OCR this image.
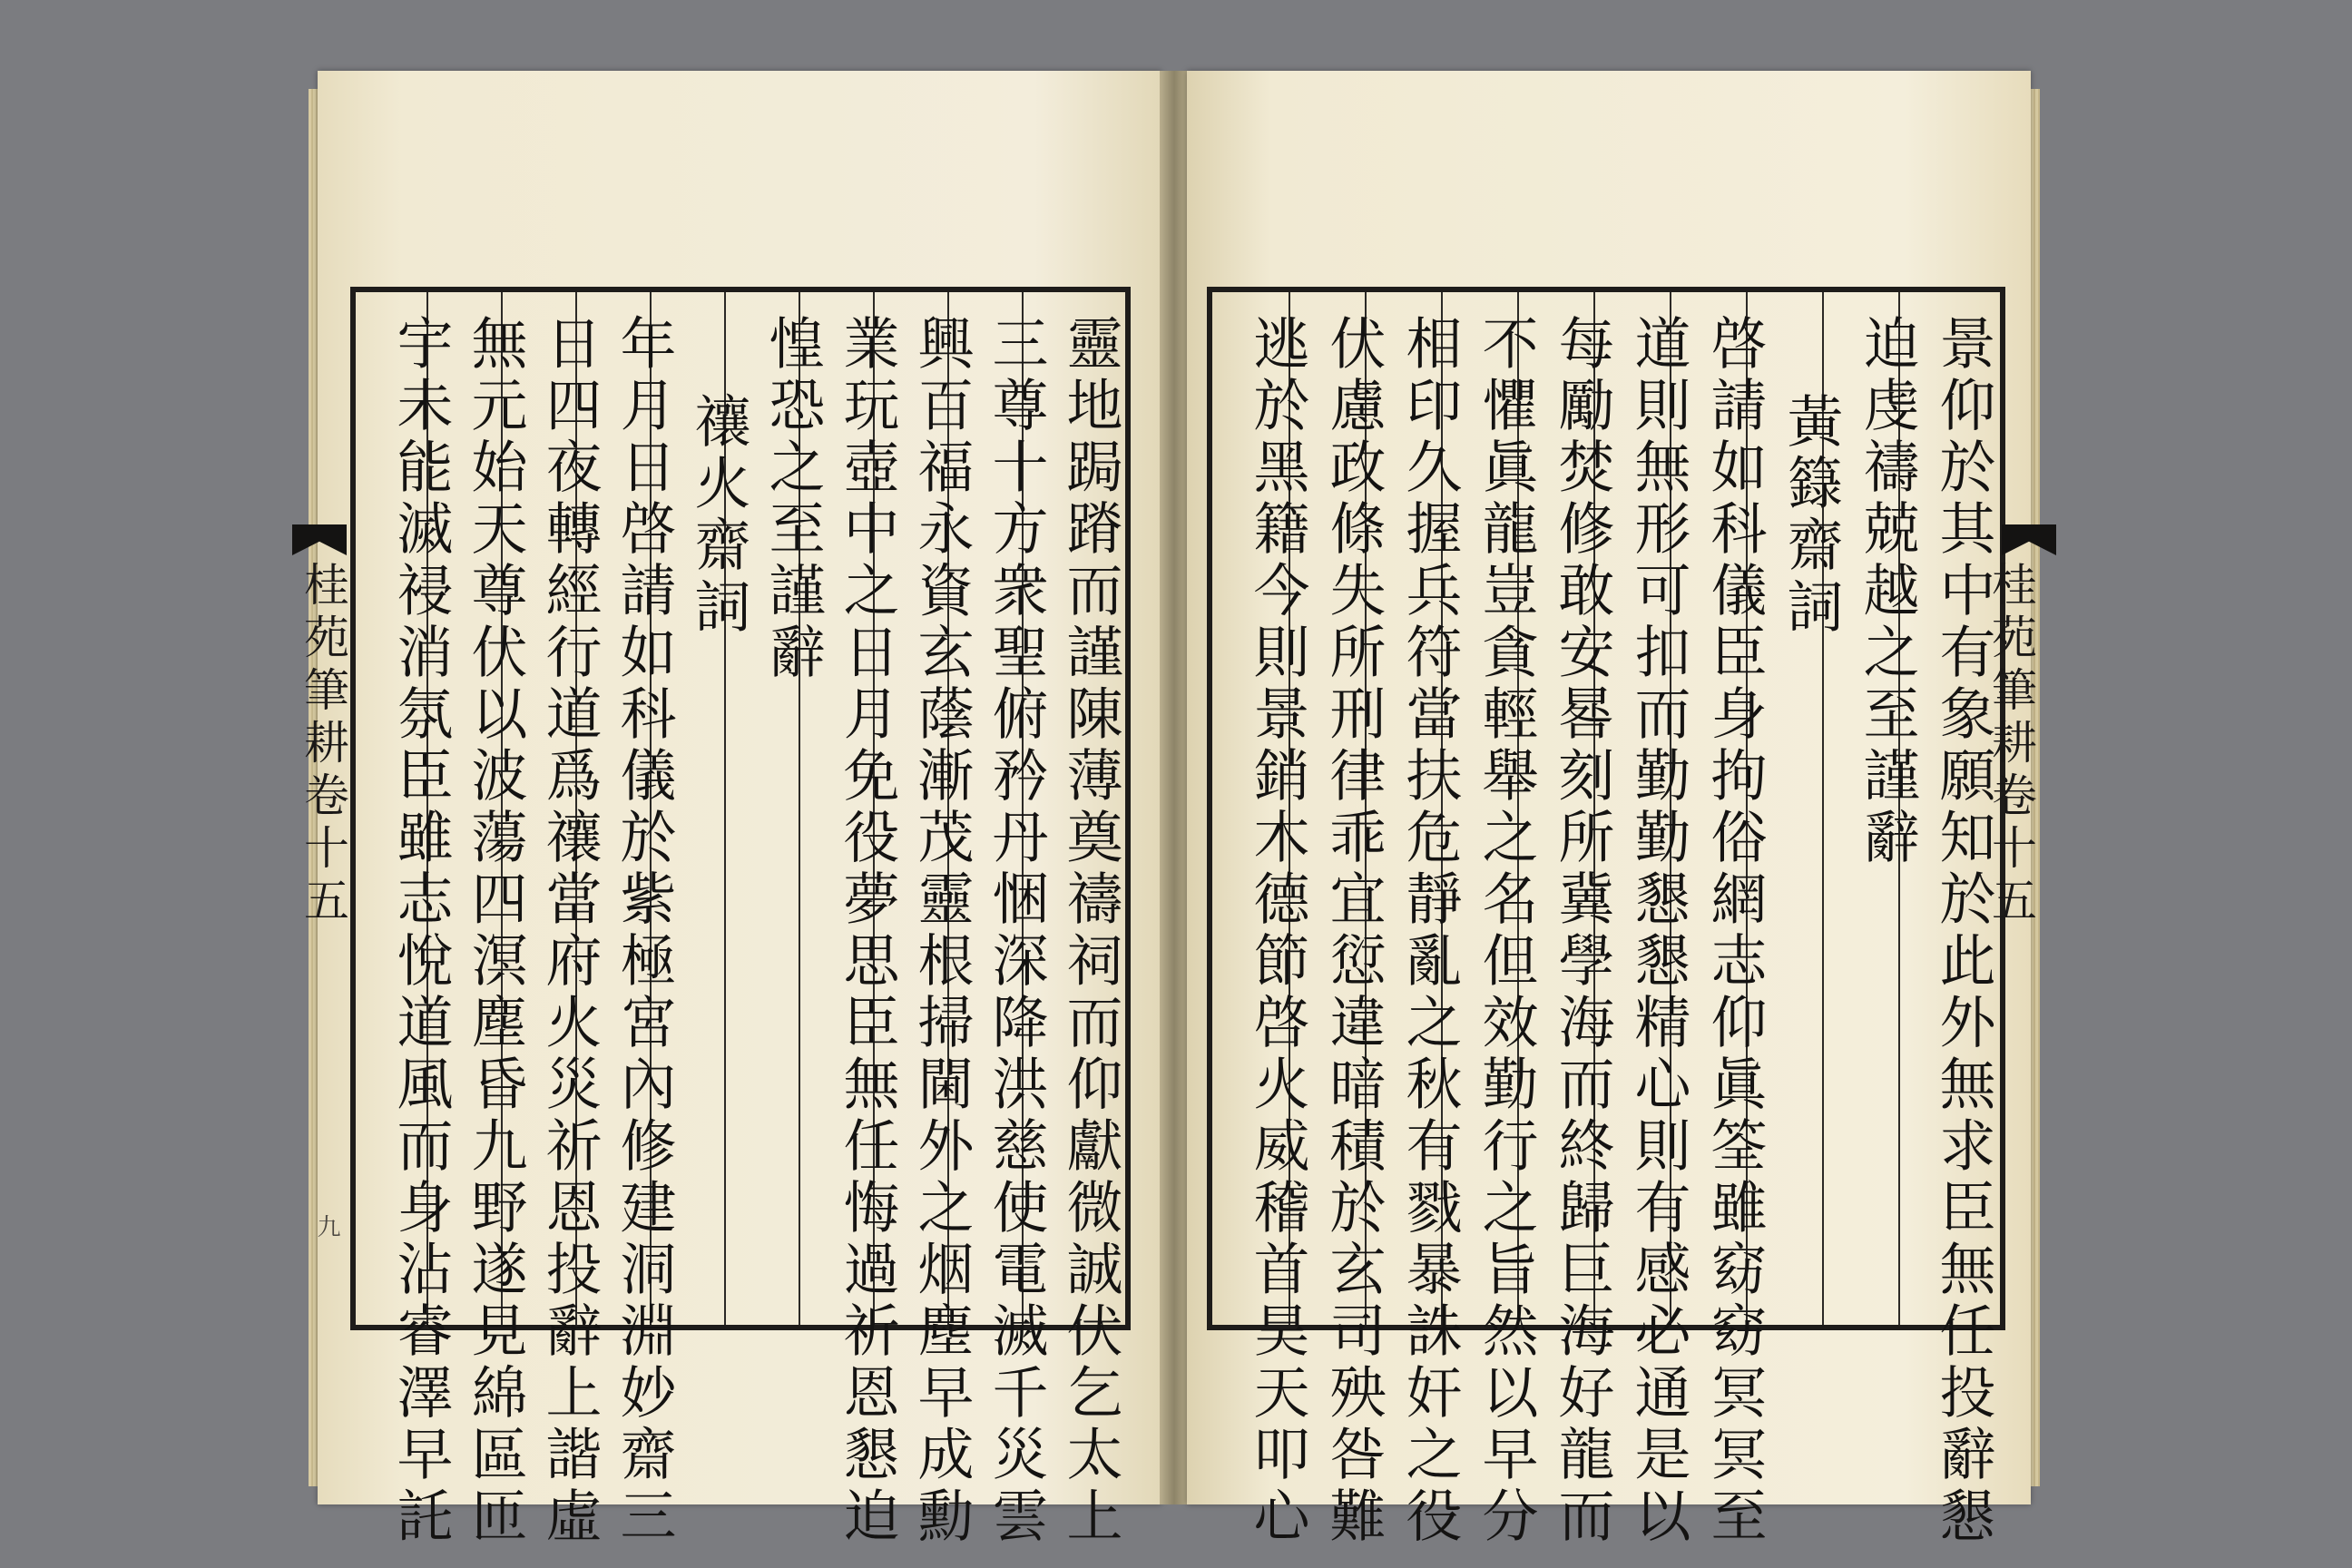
靈地跼蹐而謹陳薄奠禱祠而仰獻微誠伏乞太上
三尊十方衆聖俯矜丹悃深降洪慈使電滅千災雲
興百福永資玄蔭漸茂靈根掃閫外之烟塵早成勳
業玩壺中之日月免役夢思臣無任悔過祈恩懇迫
惶恐之至謹辭
禳火齋詞
年月日啓請如科儀於紫極宮內修建洞淵妙齋三
日四夜轉經行道爲禳當府火災祈恩投辭上諧虛
無元始天尊伏以波蕩四溟塵昏九野遂見綿區匝
宇未能滅祲消氛臣雖志悅道風而身沾睿澤早託
桂苑筆耕卷十五
九	景仰於其中有象願知於此外無求臣無任投辭懇
迫虔禱兢越之至謹辭
黃籙齋詞
啓請如科儀臣身拘俗網志仰眞筌雖窈窈冥冥至
道則無形可扣而勤勤懇懇精心則有感必通是以
每勵焚修敢安晷刻所冀學海而終歸巨海好龍而
不懼眞龍豈貪輕舉之名但效勤行之旨然以早分
相印久握兵符當扶危靜亂之秋有戮暴誅奸之役
伏慮政條失所刑律乖宜愆違暗積於玄司殃咎難
逃於黑籍今則景銷木德節啓火威稽首昊天叩心	桂苑筆耕卷十五
